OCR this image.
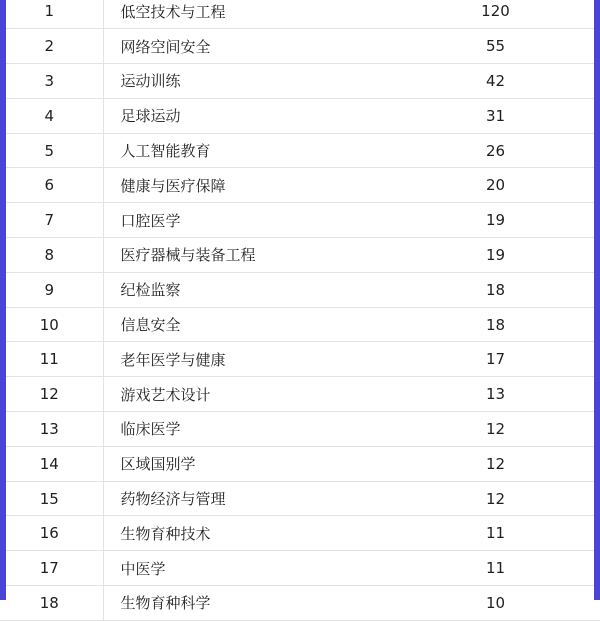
1	低空技术与工程	120
2	网络空间安全	55
3	运动训练	42
4	足球运动	31
5	人工智能教育	26
6	健康与医疗保障	20
7	口腔医学	19
8	医疗器械与装备工程	19
9	纪检监察	18
10	信息安全	18
11	老年医学与健康	17
12	游戏艺术设计	13
13	临床医学	12
14	区域国别学	12
15	药物经济与管理	12
16	生物育种技术	11
17	中医学	11
18	生物育种科学	10
